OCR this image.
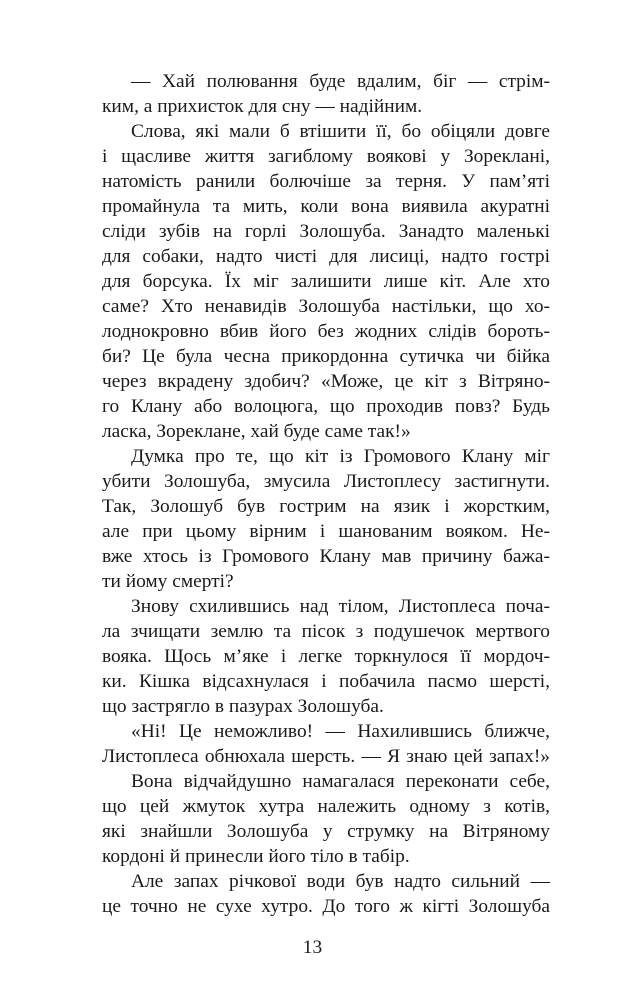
— Хай полювання буде вдалим, біг — стрім-
ким, а прихисток для сну — надійним.
Слова, які мали б втішити її, бо обіцяли довге
і щасливе життя загиблому воякові у Зореклані,
натомість ранили болючіше за терня. У пам’яті
промайнула та мить, коли вона виявила акуратні
сліди зубів на горлі Золошуба. Занадто маленькі
для собаки, надто чисті для лисиці, надто гострі
для борсука. Їх міг залишити лише кіт. Але хто
саме? Хто ненавидів Золошуба настільки, що хо-
лоднокровно вбив його без жодних слідів бороть-
би? Це була чесна прикордонна сутичка чи бійка
через вкрадену здобич? «Може, це кіт з Вітряно-
го Клану або волоцюга, що проходив повз? Будь
ласка, Зореклане, хай буде саме так!»
Думка про те, що кіт із Громового Клану міг
убити Золошуба, змусила Листоплесу застигнути.
Так, Золошуб був гострим на язик і жорстким,
але при цьому вірним і шанованим вояком. Не-
вже хтось із Громового Клану мав причину бажа-
ти йому смерті?
Знову схилившись над тілом, Листоплеса поча-
ла зчищати землю та пісок з подушечок мертвого
вояка. Щось м’яке і легке торкнулося її мордоч-
ки. Кішка відсахнулася і побачила пасмо шерсті,
що застрягло в пазурах Золошуба.
«Ні! Це неможливо! — Нахилившись ближче,
Листоплеса обнюхала шерсть. — Я знаю цей запах!»
Вона відчайдушно намагалася переконати себе,
що цей жмуток хутра належить одному з котів,
які знайшли Золошуба у струмку на Вітряному
кордоні й принесли його тіло в табір.
Але запах річкової води був надто сильний —
це точно не сухе хутро. До того ж кігті Золошуба
13
